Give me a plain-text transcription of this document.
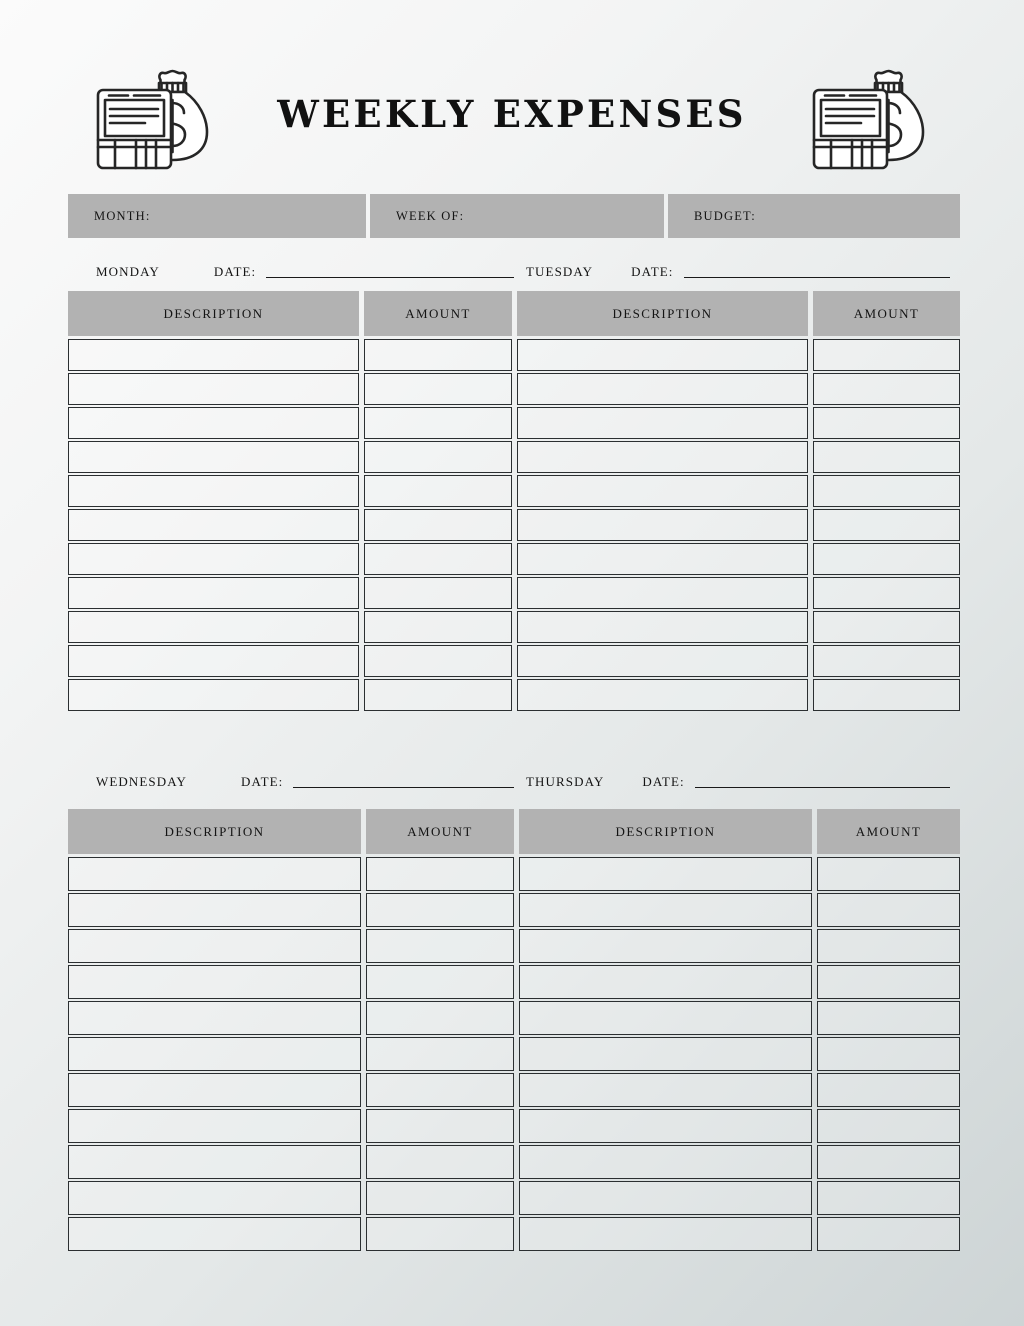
WEEKLY EXPENSES
MONTH:	WEEK OF:	BUDGET:
MONDAY	DATE:	TUESDAY	DATE:
DESCRIPTION	AMOUNT	DESCRIPTION	AMOUNT
WEDNESDAY	DATE:	THURSDAY	DATE:
DESCRIPTION	AMOUNT	DESCRIPTION	AMOUNT
